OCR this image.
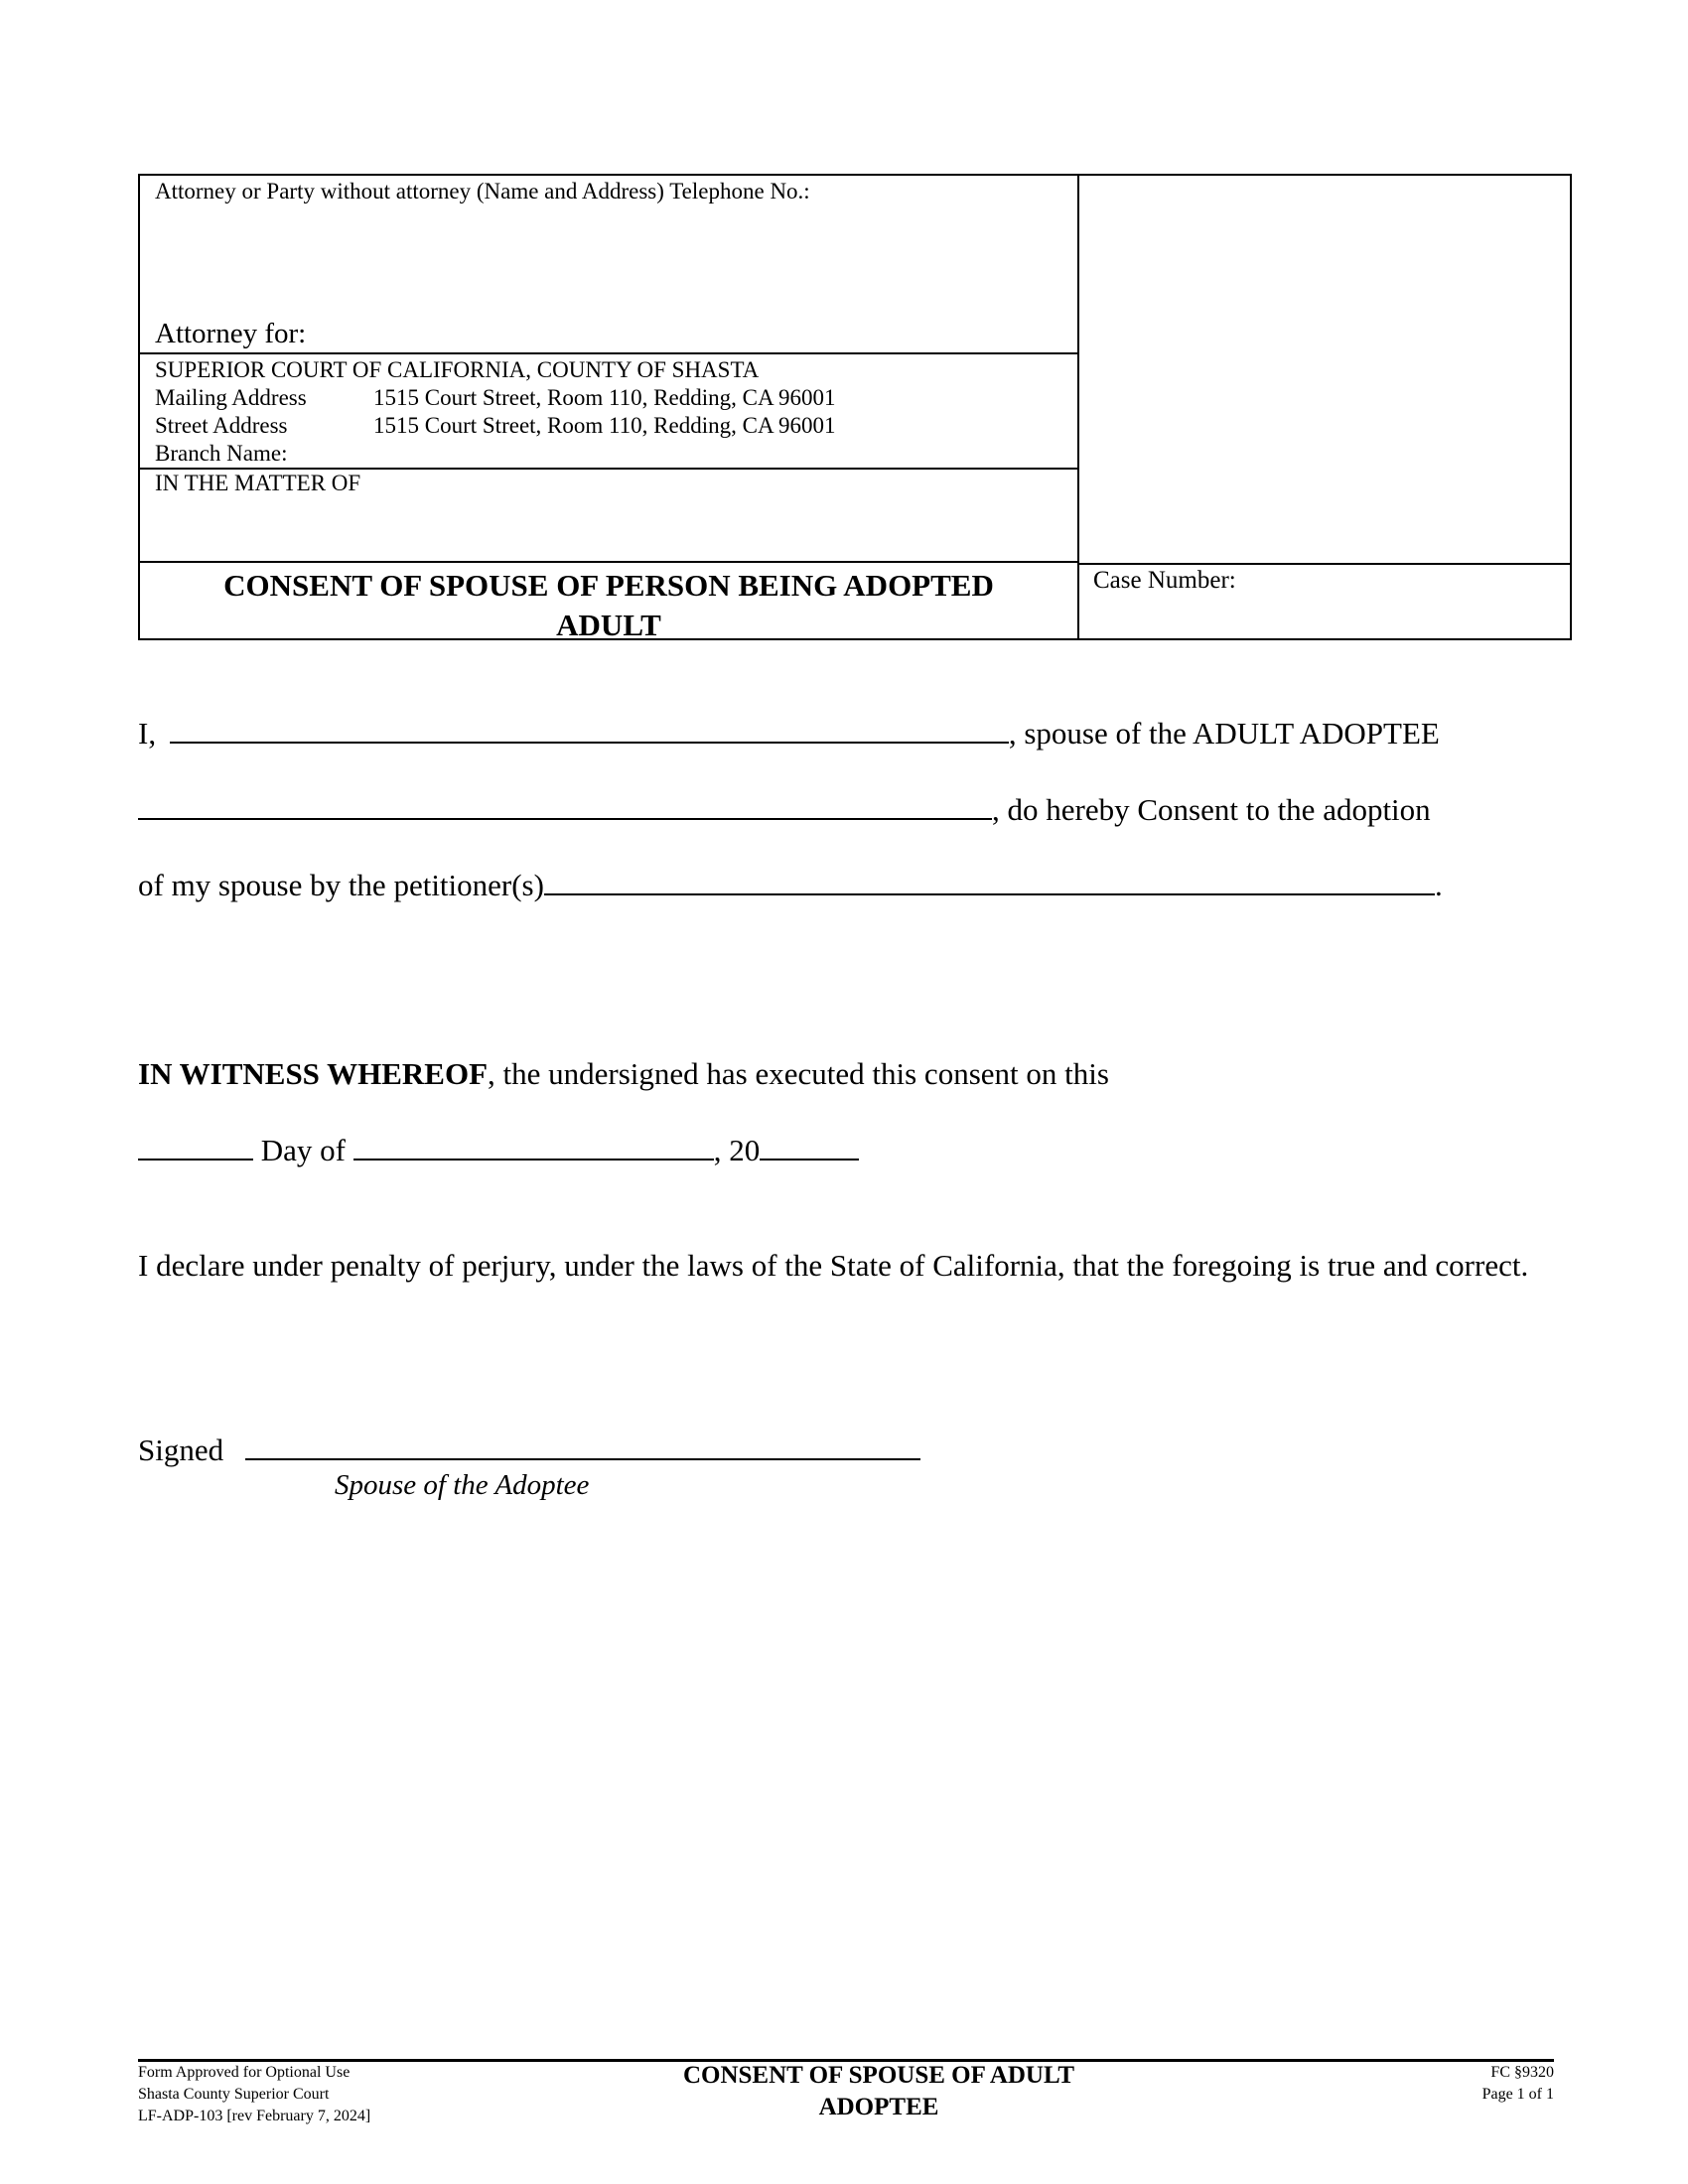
Attorney or Party without attorney (Name and Address) Telephone No.:
Attorney for:
SUPERIOR COURT OF CALIFORNIA, COUNTY OF SHASTA
Mailing Address	1515 Court Street, Room 110, Redding, CA 96001
Street Address	1515 Court Street, Room 110, Redding, CA 96001
Branch Name:
IN THE MATTER OF
CONSENT OF SPOUSE OF PERSON BEING ADOPTED
ADULT
Case Number:
I,	, spouse of the ADULT ADOPTEE
, do hereby Consent to the adoption
of my spouse by the petitioner(s)	.
IN WITNESS WHEREOF, the undersigned has executed this consent on this
Day of	, 20
I declare under penalty of perjury, under the laws of the State of California, that the foregoing is true and correct.
Signed
Spouse of the Adoptee
Form Approved for Optional Use
Shasta County Superior Court
LF-ADP-103 [rev February 7, 2024]
CONSENT OF SPOUSE OF ADULT
ADOPTEE
FC §9320
Page 1 of 1
